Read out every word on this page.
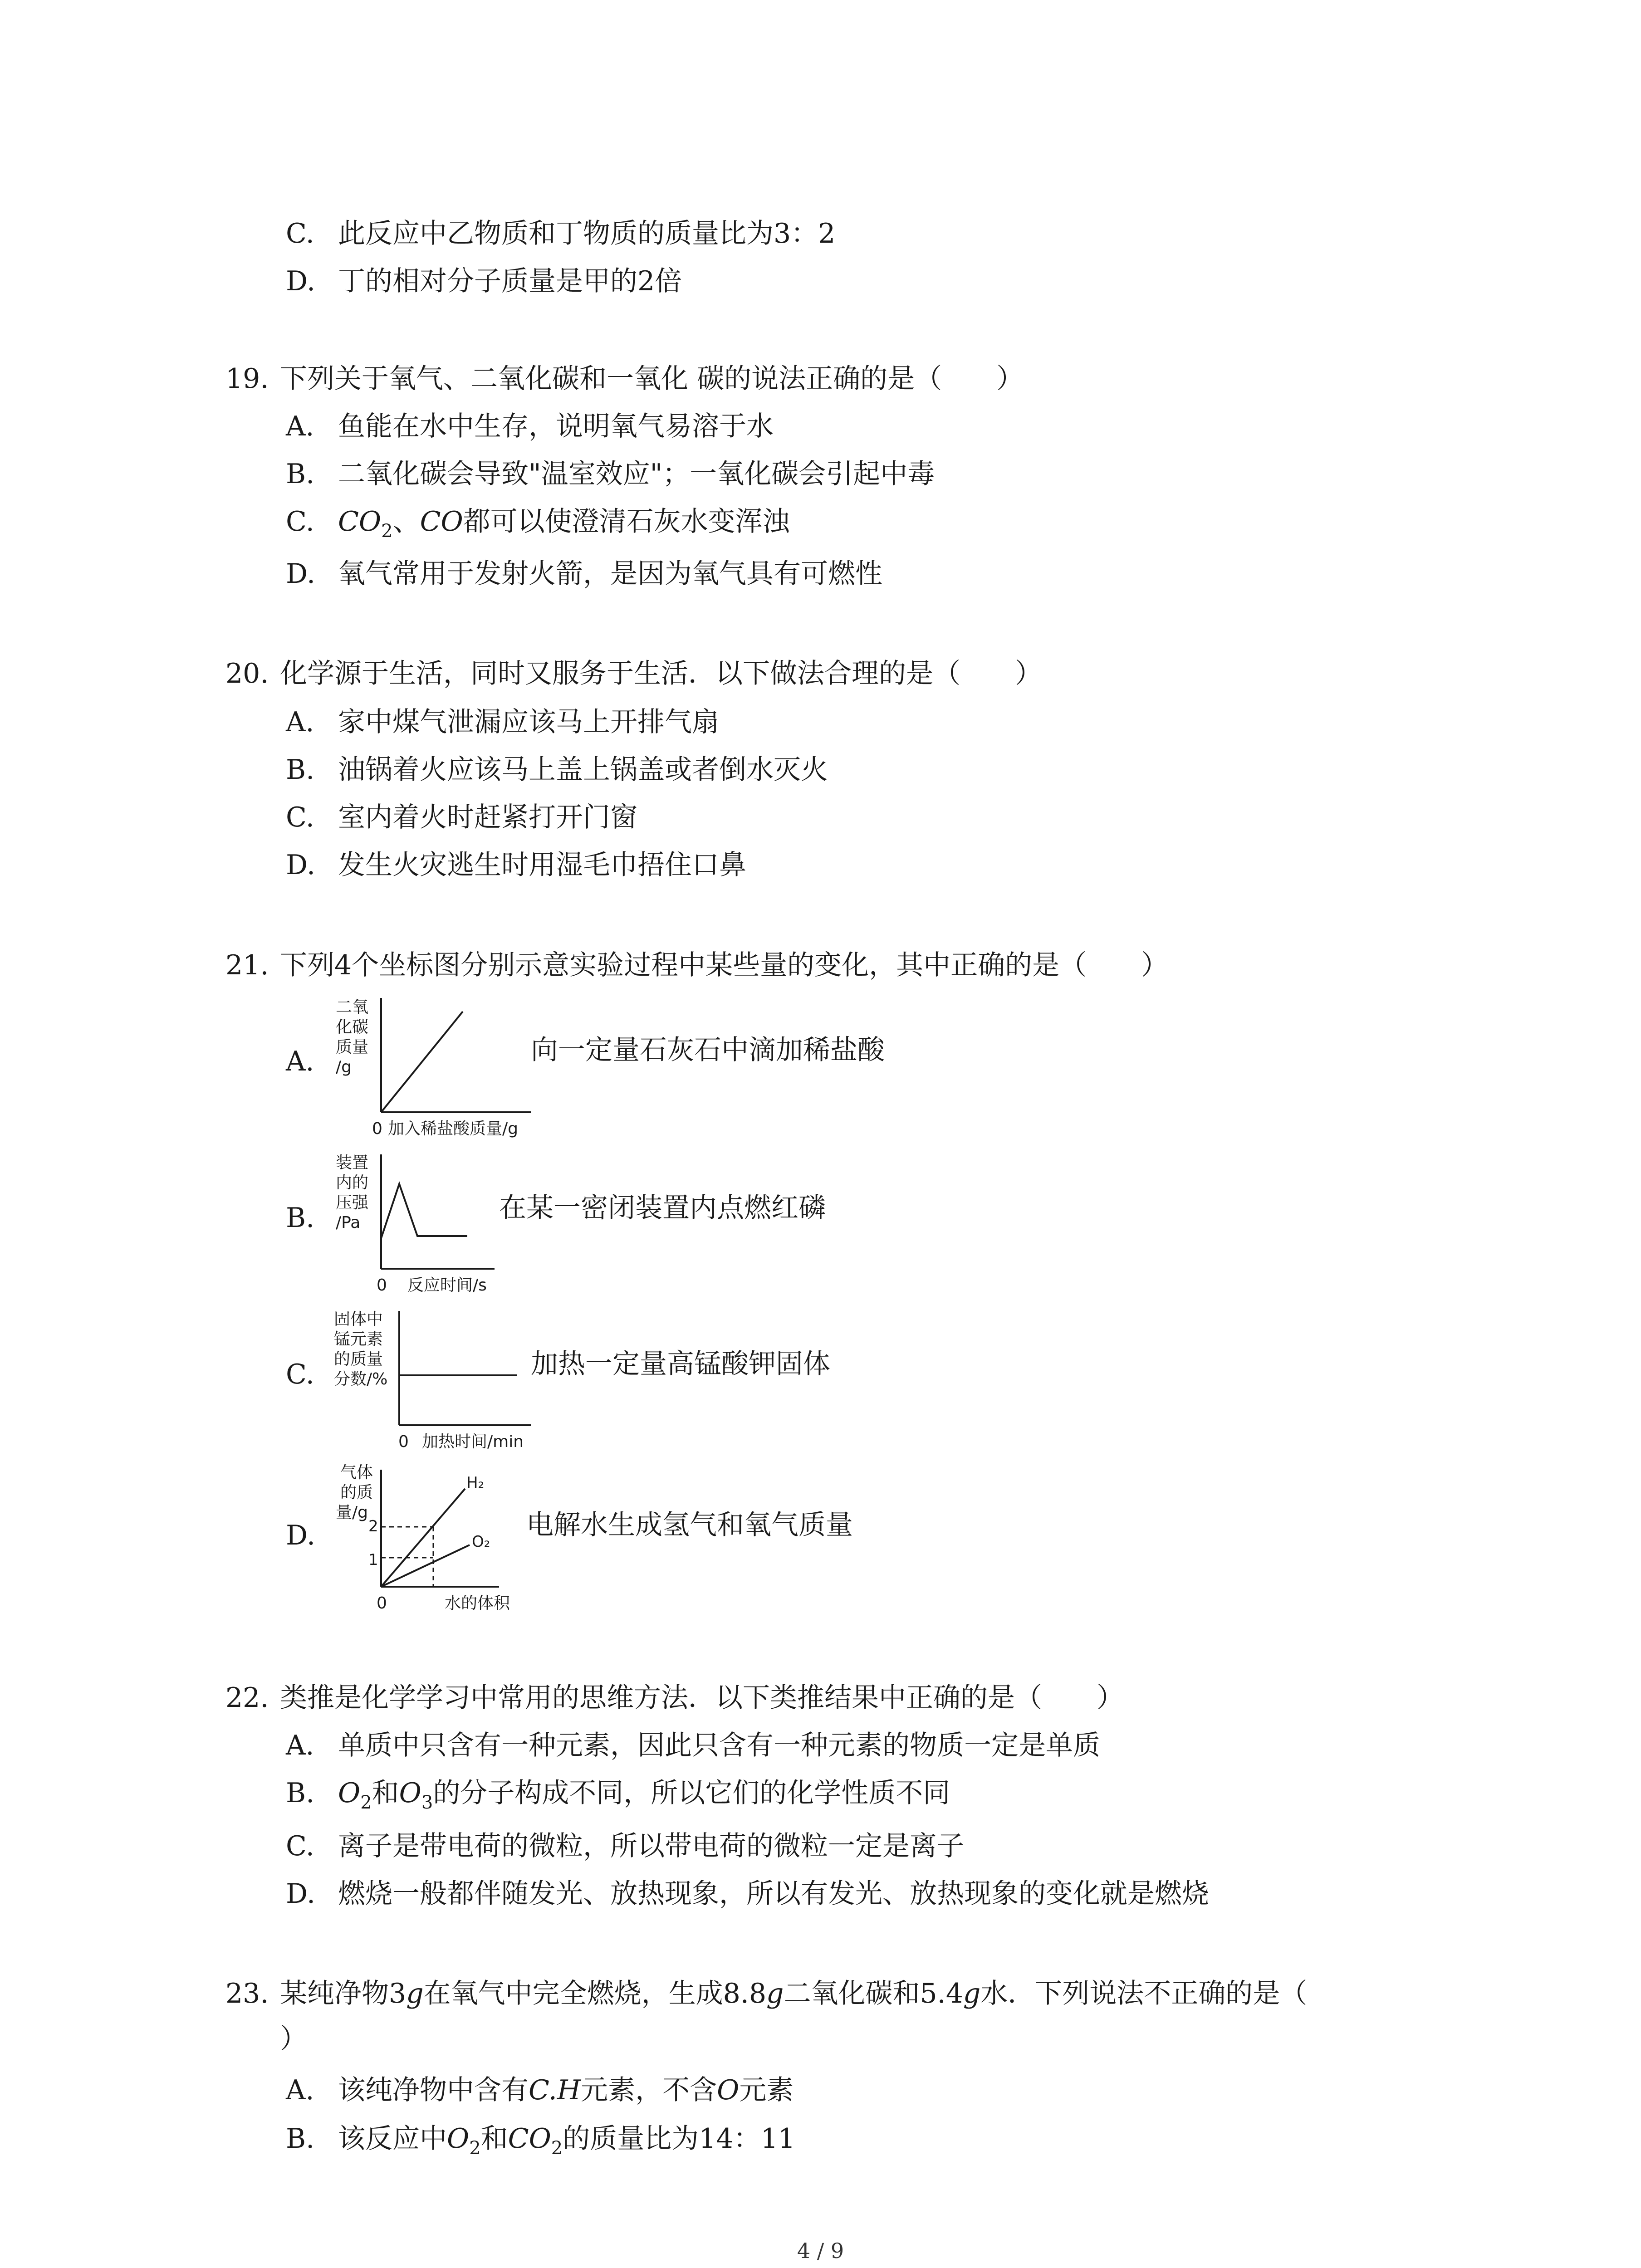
C. 此反应中乙物质和丁物质的质量比为3：2
D. 丁的相对分子质量是甲的2倍
19. 下列关于氧气、二氧化碳和一氧化 碳的说法正确的是（　　）
A. 鱼能在水中生存，说明氧气易溶于水
B. 二氧化碳会导致"温室效应"；一氧化碳会引起中毒
C. $CO_2$、CO都可以使澄清石灰水变浑浊
D. 氧气常用于发射火箭，是因为氧气具有可燃性
20. 化学源于生活，同时又服务于生活．以下做法合理的是（　　）
A. 家中煤气泄漏应该马上开排气扇
B. 油锅着火应该马上盖上锅盖或者倒水灭火
C. 室内着火时赶紧打开门窗
D. 发生火灾逃生时用湿毛巾捂住口鼻
21. 下列4个坐标图分别示意实验过程中某些量的变化，其中正确的是（　　）
A.
二氧
化碳
质量
/g
0 加入稀盐酸质量/g
向一定量石灰石中滴加稀盐酸
B.
装置
内的
压强
/Pa
0 反应时间/s
在某一密闭装置内点燃红磷
C.
固体中
锰元素
的质量
分数/%
0 加热时间/min
加热一定量高锰酸钾固体
D.
气体
的质
量/g
2
1
H₂
O₂
0	水的体积
电解水生成氢气和氧气质量
22. 类推是化学学习中常用的思维方法．以下类推结果中正确的是（　　）
A. 单质中只含有一种元素，因此只含有一种元素的物质一定是单质
B. $O_2$和$O_3$的分子构成不同，所以它们的化学性质不同
C. 离子是带电荷的微粒，所以带电荷的微粒一定是离子
D. 燃烧一般都伴随发光、放热现象，所以有发光、放热现象的变化就是燃烧
23. 某纯净物3g在氧气中完全燃烧，生成8.8g二氧化碳和5.4g水．下列说法不正确的是（
）
A. 该纯净物中含有C.H元素，不含O元素
B. 该反应中$O_2$和$CO_2$的质量比为14：11
4 / 9
